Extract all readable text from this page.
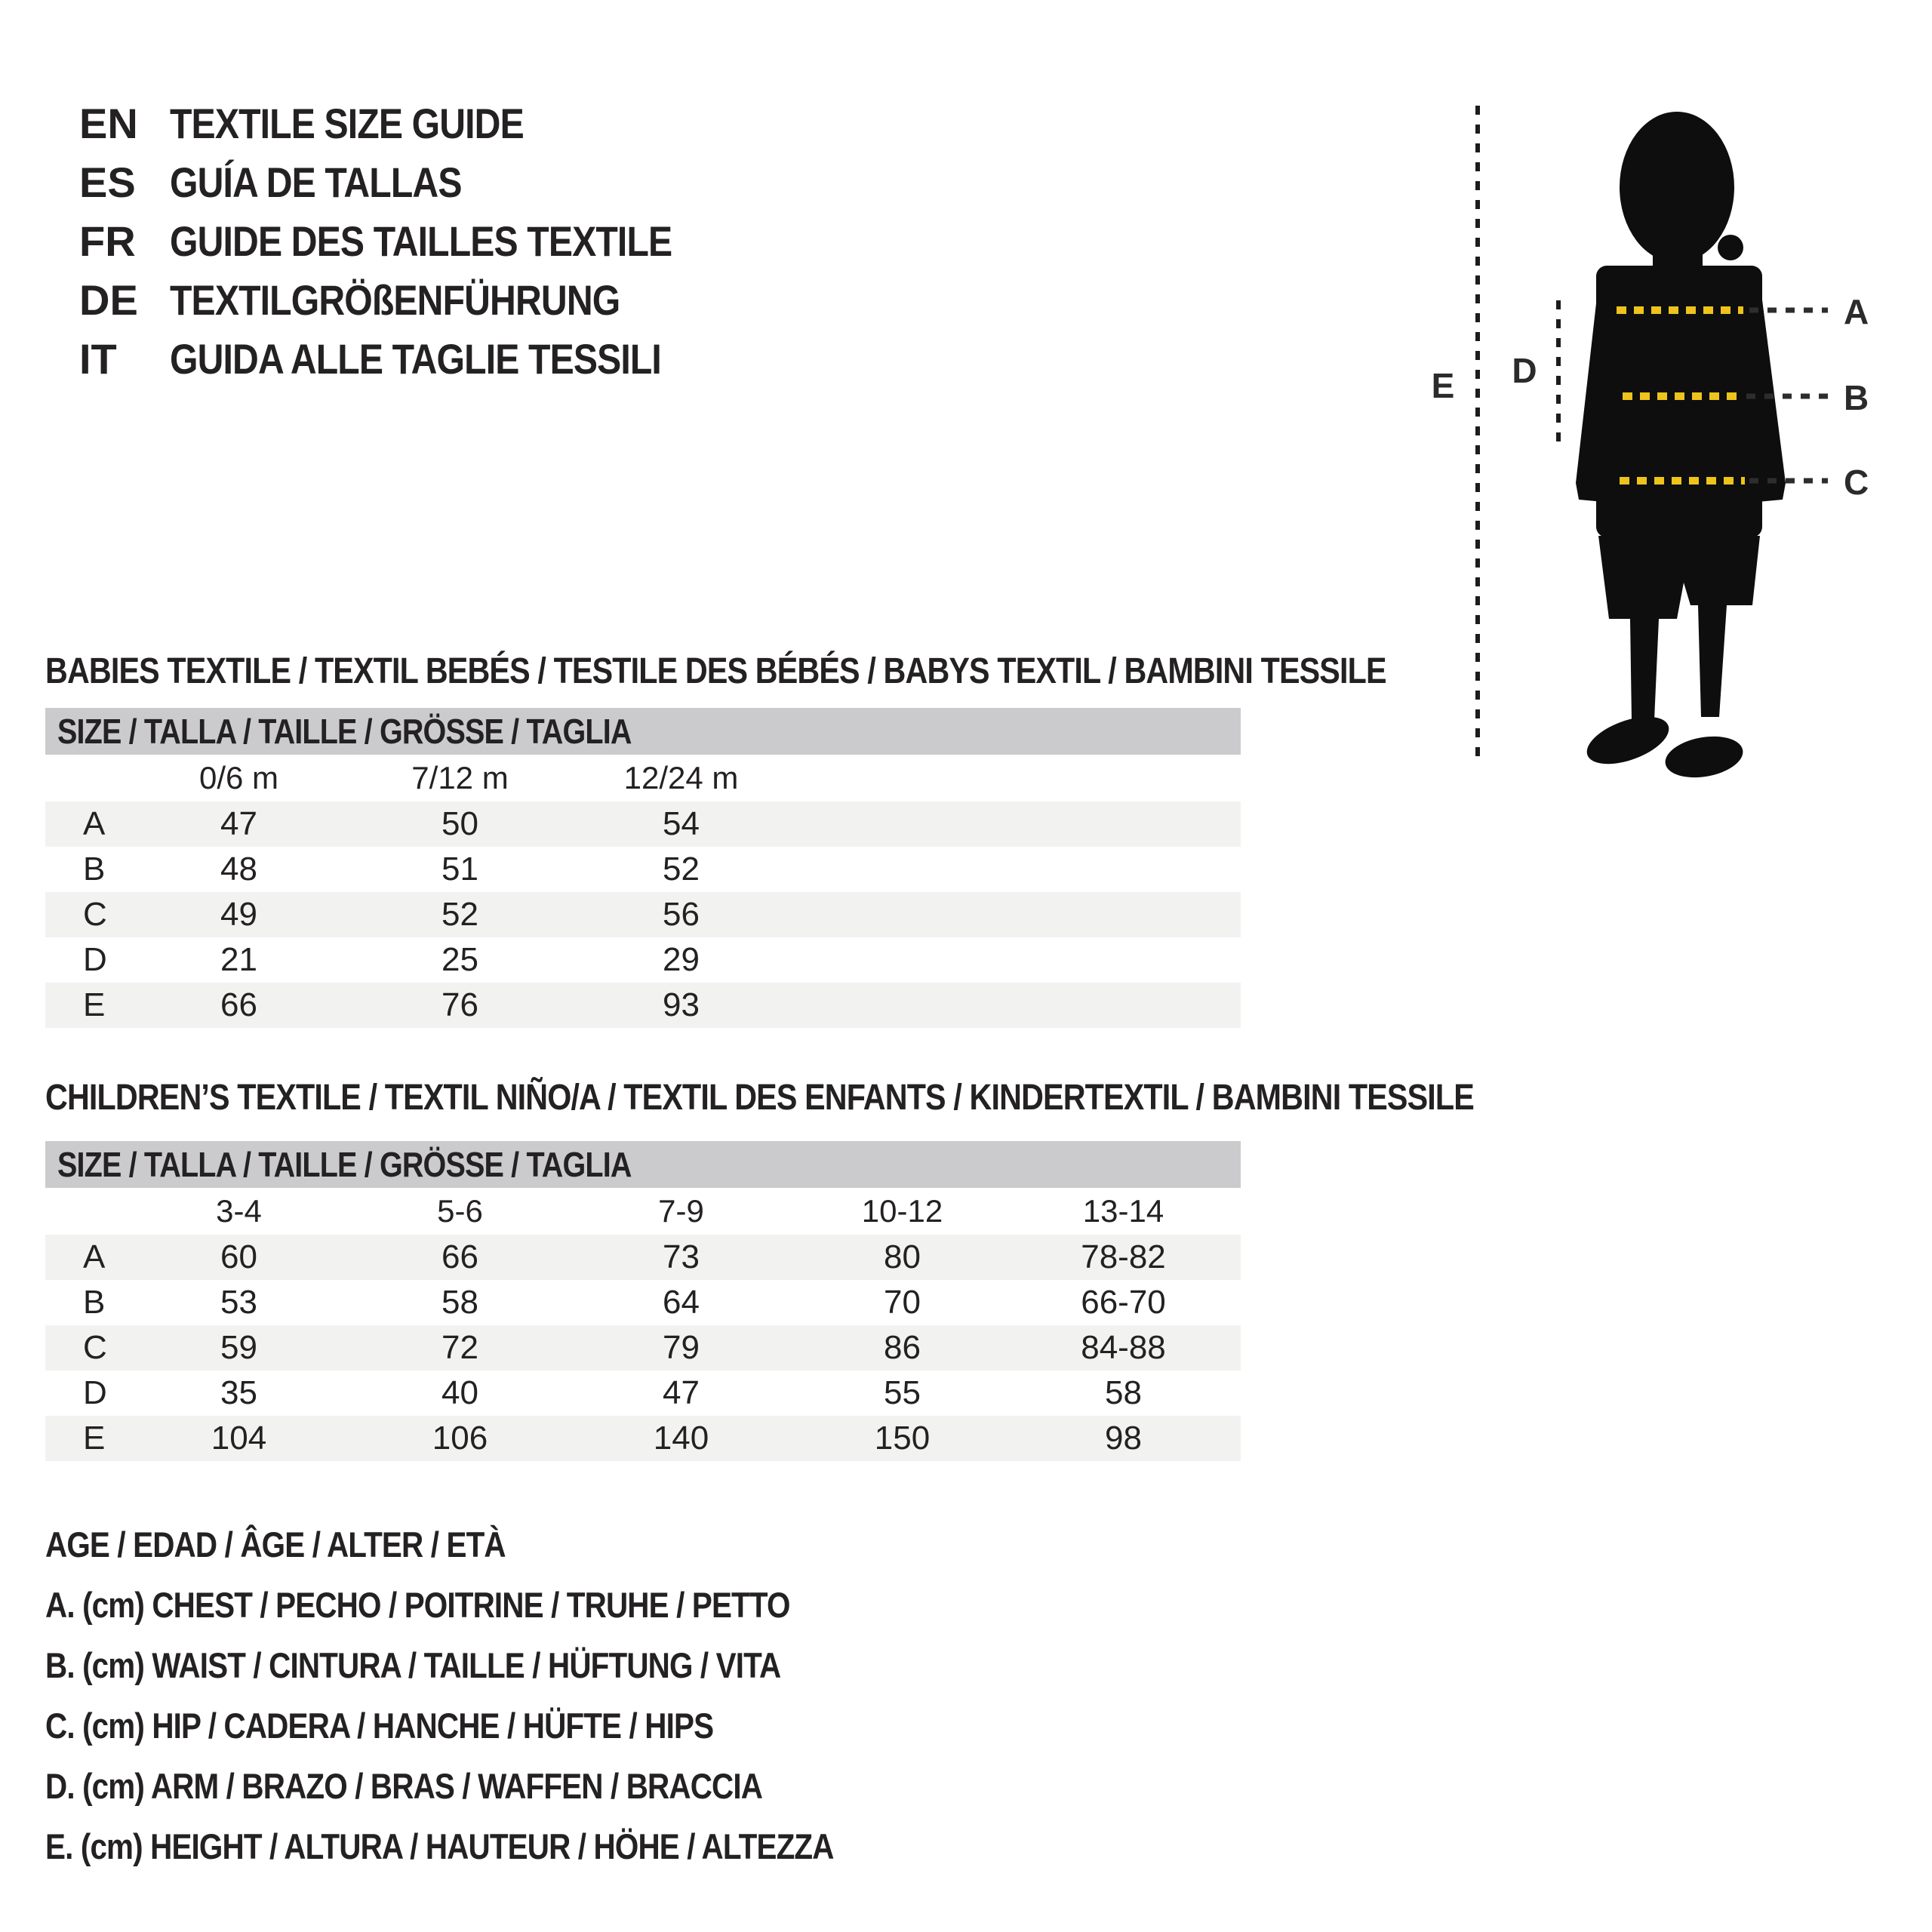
EN TEXTILE SIZE GUIDE
ES GUÍA DE TALLAS
FR GUIDE DES TAILLES TEXTILE
DE TEXTILGRÖßENFÜHRUNG
IT	GUIDA ALLE TAGLIE TESSILI
E D
A
B
C
BABIES TEXTILE / TEXTIL BEBÉS / TESTILE DES BÉBÉS / BABYS TEXTIL / BAMBINI TESSILE
SIZE / TALLA / TAILLE / GRÖSSE / TAGLIA
0/6 m	7/12 m	12/24 m
A	47	50	54
B	48	51	52
C	49	52	56
D	21	25	29
E	66	76	93
CHILDREN’S TEXTILE / TEXTIL NIÑO/A / TEXTIL DES ENFANTS / KINDERTEXTIL / BAMBINI TESSILE
SIZE / TALLA / TAILLE / GRÖSSE / TAGLIA
3-4	5-6	7-9	10-12	13-14
A	60	66	73	80	78-82
B	53	58	64	70	66-70
C	59	72	79	86	84-88
D	35	40	47	55	58
E	104	106	140	150	98
AGE / EDAD / ÂGE / ALTER / ETÀ
A. (cm) CHEST / PECHO / POITRINE / TRUHE / PETTO
B. (cm) WAIST / CINTURA / TAILLE / HÜFTUNG / VITA
C. (cm) HIP / CADERA / HANCHE / HÜFTE / HIPS
D. (cm) ARM / BRAZO / BRAS / WAFFEN / BRACCIA
E. (cm) HEIGHT / ALTURA / HAUTEUR / HÖHE / ALTEZZA
